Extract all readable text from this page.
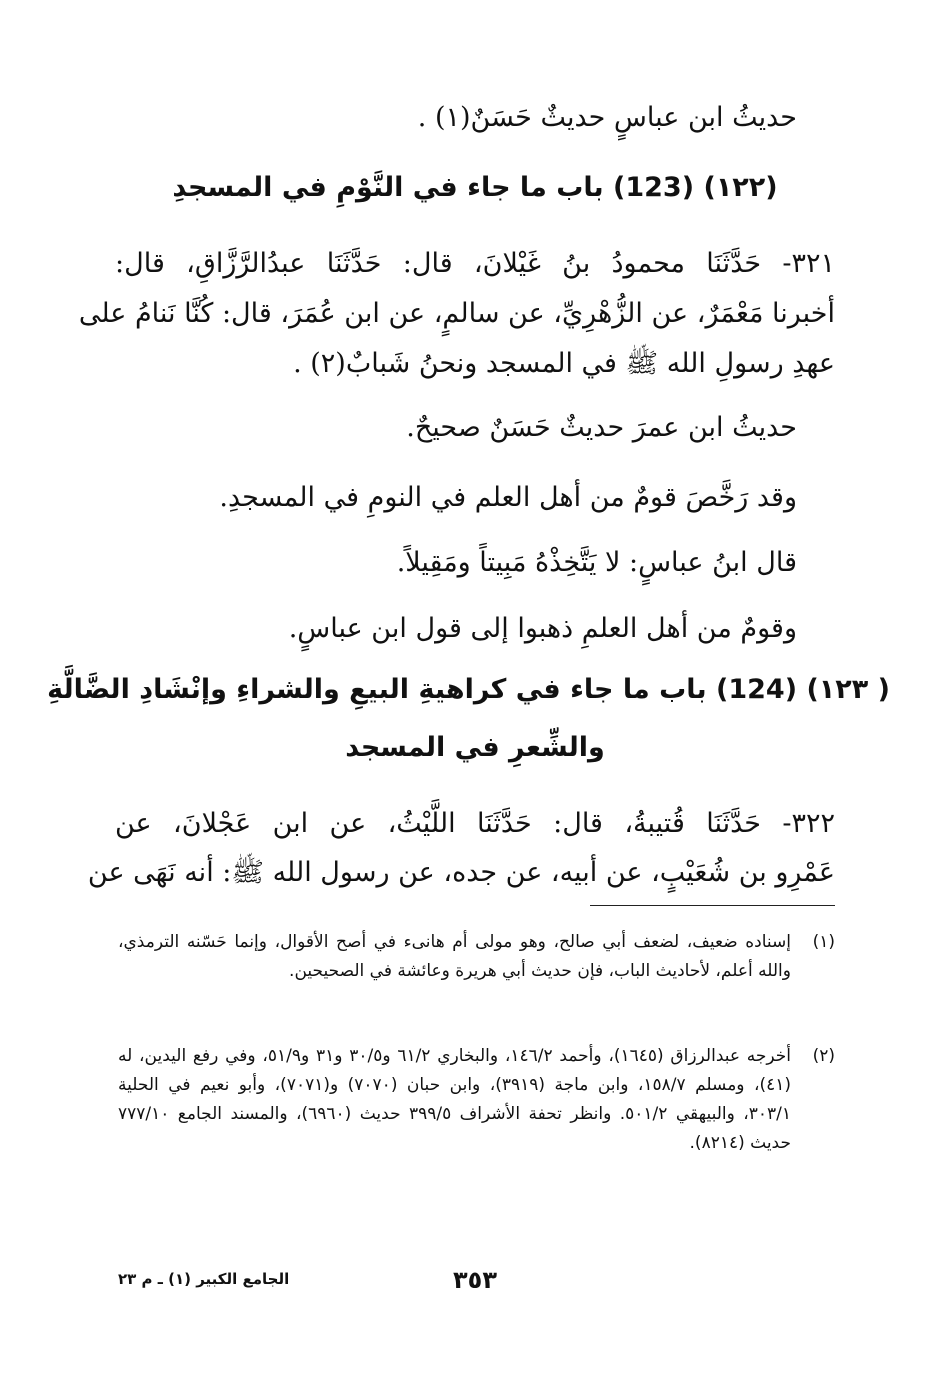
حديثُ ابن عباسٍ حديثٌ حَسَنٌ(١) .
(١٢٢) (123) باب ما جاء في النَّوْمِ في المسجدِ
٣٢١- حَدَّثَنَا محمودُ بنُ غَيْلانَ، قال: حَدَّثَنَا عبدُالرَّزَّاقِ، قال:
أخبرنا مَعْمَرٌ، عن الزُّهْرِيِّ، عن سالمٍ، عن ابن عُمَرَ، قال: كُنَّا نَنامُ على
عهدِ رسولِ الله ﷺ في المسجد ونحنُ شَبابٌ(٢) .
حديثُ ابن عمرَ حديثٌ حَسَنٌ صحيحٌ.
وقد رَخَّصَ قومٌ من أهل العلم في النومِ في المسجدِ.
قال ابنُ عباسٍ: لا يَتَّخِذْهُ مَبِيتاً ومَقِيلاً.
وقومٌ من أهل العلمِ ذهبوا إلى قول ابن عباسٍ.
( ١٢٣) (124) باب ما جاء في كراهيةِ البيعِ والشراءِ وإنْشَادِ الضَّالَّةِ
والشِّعرِ في المسجد
٣٢٢- حَدَّثَنَا قُتيبةُ، قال: حَدَّثَنَا اللَّيْثُ، عن ابن عَجْلانَ، عن
عَمْرِو بن شُعَيْبٍ، عن أبيه، عن جده، عن رسول الله ﷺ: أنه نَهَى عن
(١)
إسناده ضعيف، لضعف أبي صالح، وهو مولى أم هانىء في أصح الأقوال، وإنما حَسّنه الترمذي، والله أعلم، لأحاديث الباب، فإن حديث أبي هريرة وعائشة في الصحيحين.
(٢)
أخرجه عبدالرزاق (١٦٤٥)، وأحمد ١٤٦/٢، والبخاري ٦١/٢ و٣٠/٥ و٣١ و٥١/٩، وفي رفع اليدين، له (٤١)، ومسلم ١٥٨/٧، وابن ماجة (٣٩١٩)، وابن حبان (٧٠٧٠) و(٧٠٧١)، وأبو نعيم في الحلية ٣٠٣/١، والبيهقي ٥٠١/٢. وانظر تحفة الأشراف ٣٩٩/٥ حديث (٦٩٦٠)، والمسند الجامع ٧٧٧/١٠ حديث (٨٢١٤).
٣٥٣
الجامع الكبير (١) ـ م ٢٣
